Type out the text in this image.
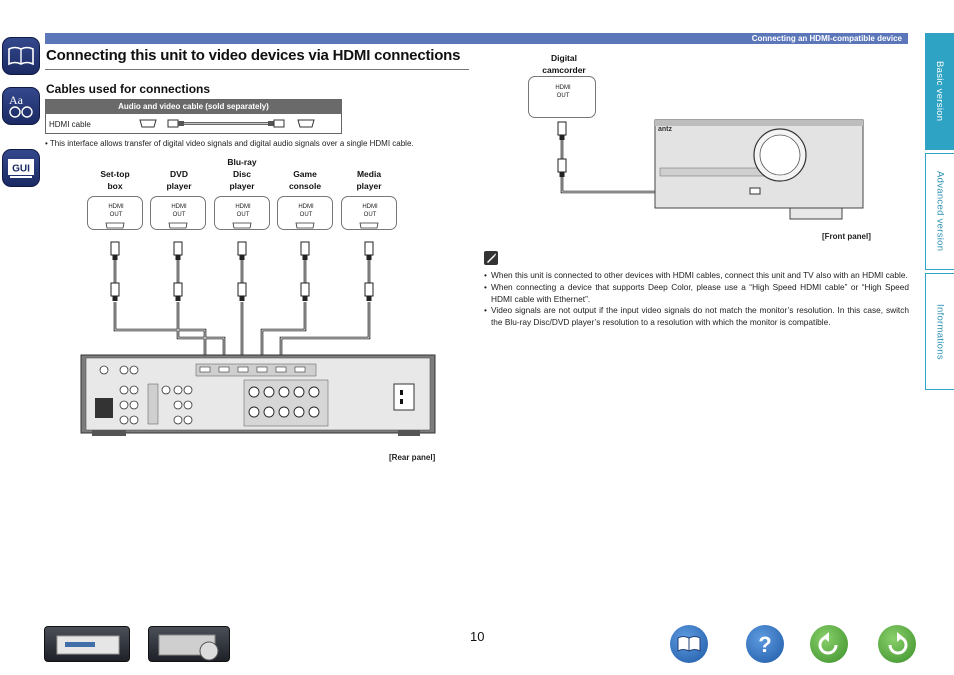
Connecting an HDMI-compatible device
Aa
GUI
Basic version
Advanced version
Informations
Connecting this unit to video devices via HDMI connections
Cables used for connections
Audio and video cable (sold separately)
HDMI cable
• This interface allows transfer of digital video signals and digital audio signals over a single HDMI cable.
Set-top
box
DVD
player
Blu-ray
Disc
player
Game
console
Media
player
HDMI
OUT
HDMI
OUT
HDMI
OUT
HDMI
OUT
HDMI
OUT
antz
Digital
camcorder
HDMI
OUT
[Rear panel]
[Front panel]
• When this unit is connected to other devices with HDMI cables, connect this unit and TV also with an HDMI cable.
• When connecting a device that supports Deep Color, please use a “High Speed HDMI cable” or “High Speed HDMI cable with Ethernet”.
• Video signals are not output if the input video signals do not match the monitor’s resolution. In this case, switch the Blu-ray Disc/DVD player’s resolution to a resolution with which the monitor is compatible.
10	?
